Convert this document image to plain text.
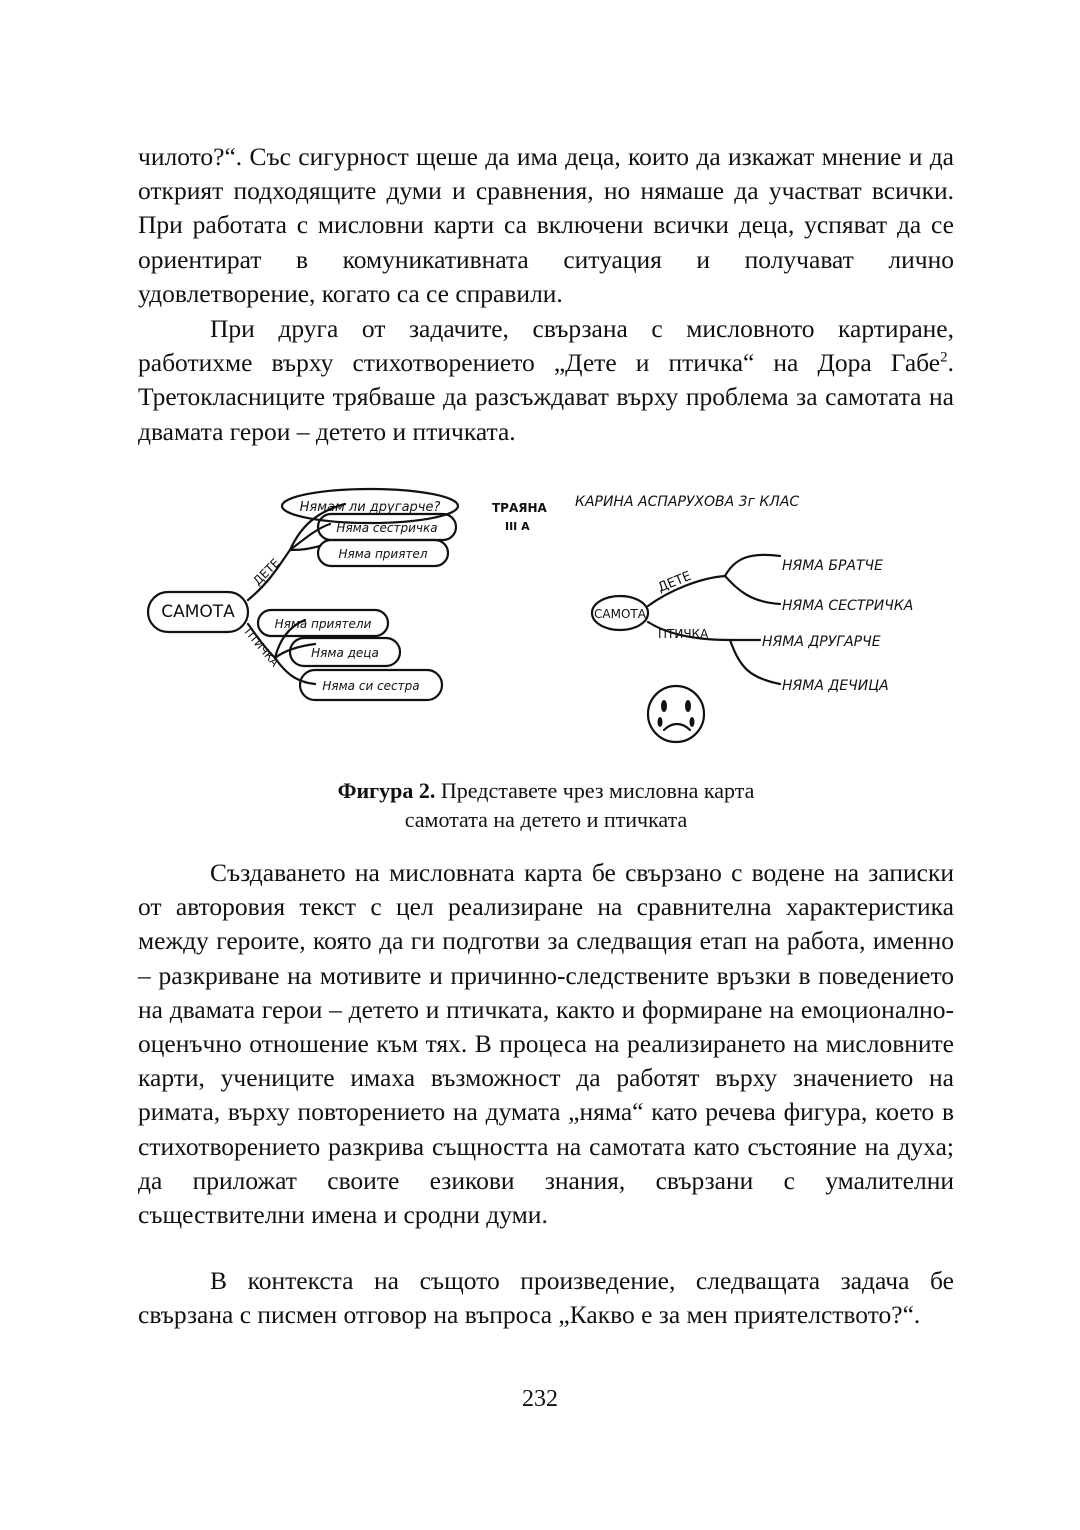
чилото?“. Със сигурност щеше да има деца, които да изкажат мнение и да открият подходящите думи и сравнения, но нямаше да участват всички. При работата с мисловни карти са включени всички деца, успяват да се ориентират в комуникативната ситуация и получават лично удовлетворение, когато са се справили.

При друга от задачите, свързана с мисловното картиране, работихме върху стихотворението „Дете и птичка“ на Дора Габе$^2$. Третокласниците трябваше да разсъждават върху проблема за самотата на двамата герои – детето и птичката.

САМОТА
ДЕТЕ
ПТИЧКА
Нямам ли другарче?
Няма сестричка
Няма приятел
Няма приятели
Няма деца
Няма си сестра
ТРАЯНА
III А
КАРИНА АСПАРУХОВА 3г КЛАС
САМОТА
ДЕТЕ
ПТИЧКА
НЯМА БРАТЧЕ
НЯМА СЕСТРИЧКА
НЯМА ДРУГАРЧЕ
НЯМА ДЕЧИЦА
Фигура 2. Представете чрез мисловна карта
самотата на детето и птичката

Създаването на мисловната карта бе свързано с водене на записки от авторовия текст с цел реализиране на сравнителна характеристика между героите, която да ги подготви за следващия етап на работа, именно – разкриване на мотивите и причинно-следствените връзки в поведението на двамата герои – детето и птичката, както и формиране на емоционално-оценъчно отношение към тях. В процеса на реализирането на мисловните карти, учениците имаха възможност да работят върху значението на римата, върху повторението на думата „няма“ като речева фигура, което в стихотворението разкрива същността на самотата като състояние на духа; да приложат своите езикови знания, свързани с умалителни съществителни имена и сродни думи.

В контекста на същото произведение, следващата задача бе свързана с писмен отговор на въпроса „Какво е за мен приятелството?“.

232
